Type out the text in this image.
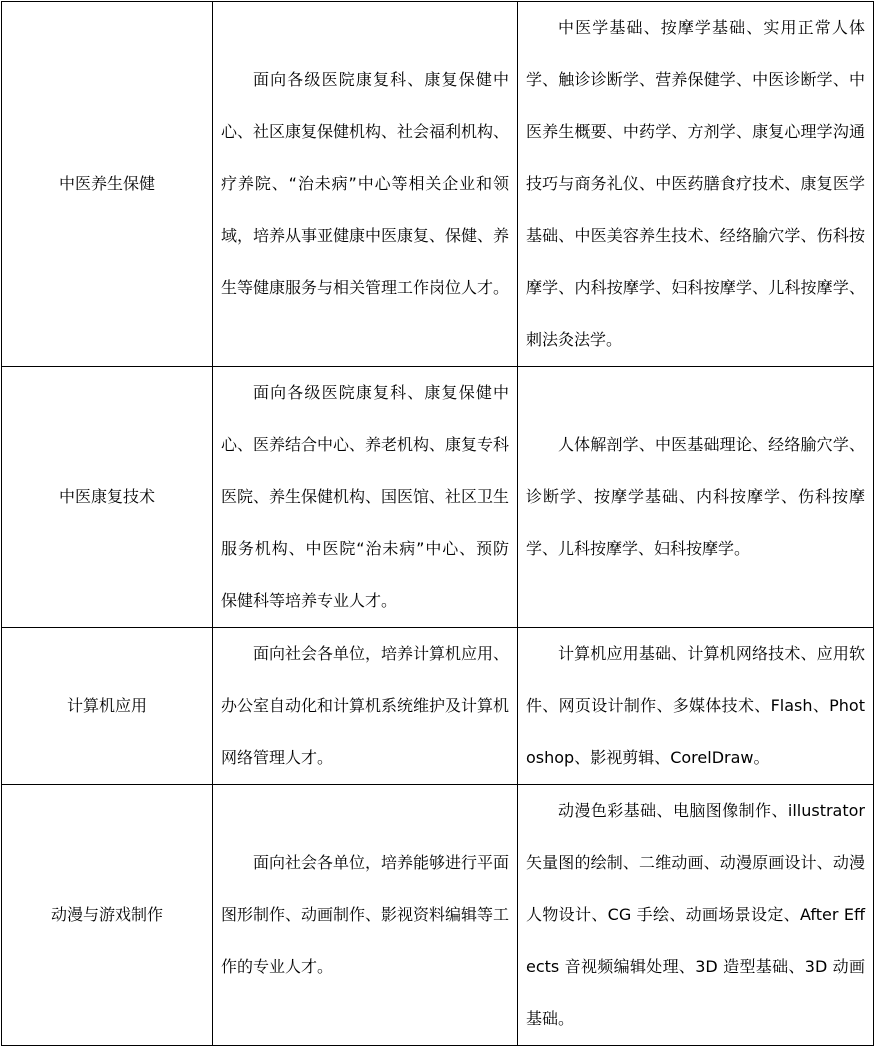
中医养生保健	面向各级医院康复科、康复保健中心、社区康复保健机构、社会福利机构、疗养院、“治未病”中心等相关企业和领域，培养从事亚健康中医康复、保健、养生等健康服务与相关管理工作岗位人才。	中医学基础、按摩学基础、实用正常人体学、触诊诊断学、营养保健学、中医诊断学、中医养生概要、中药学、方剂学、康复心理学沟通技巧与商务礼仪、中医药膳食疗技术、康复医学基础、中医美容养生技术、经络腧穴学、伤科按摩学、内科按摩学、妇科按摩学、儿科按摩学、刺法灸法学。
中医康复技术	面向各级医院康复科、康复保健中心、医养结合中心、养老机构、康复专科医院、养生保健机构、国医馆、社区卫生服务机构、中医院“治未病”中心、预防保健科等培养专业人才。	人体解剖学、中医基础理论、经络腧穴学、诊断学、按摩学基础、内科按摩学、伤科按摩学、儿科按摩学、妇科按摩学。
计算机应用	面向社会各单位，培养计算机应用、办公室自动化和计算机系统维护及计算机网络管理人才。	计算机应用基础、计算机网络技术、应用软件、网页设计制作、多媒体技术、Flash、Photoshop、影视剪辑、CorelDraw。
动漫与游戏制作	面向社会各单位，培养能够进行平面图形制作、动画制作、影视资料编辑等工作的专业人才。	动漫色彩基础、电脑图像制作、illustrator 矢量图的绘制、二维动画、动漫原画设计、动漫人物设计、CG 手绘、动画场景设定、After Effects 音视频编辑处理、3D 造型基础、3D 动画基础。
